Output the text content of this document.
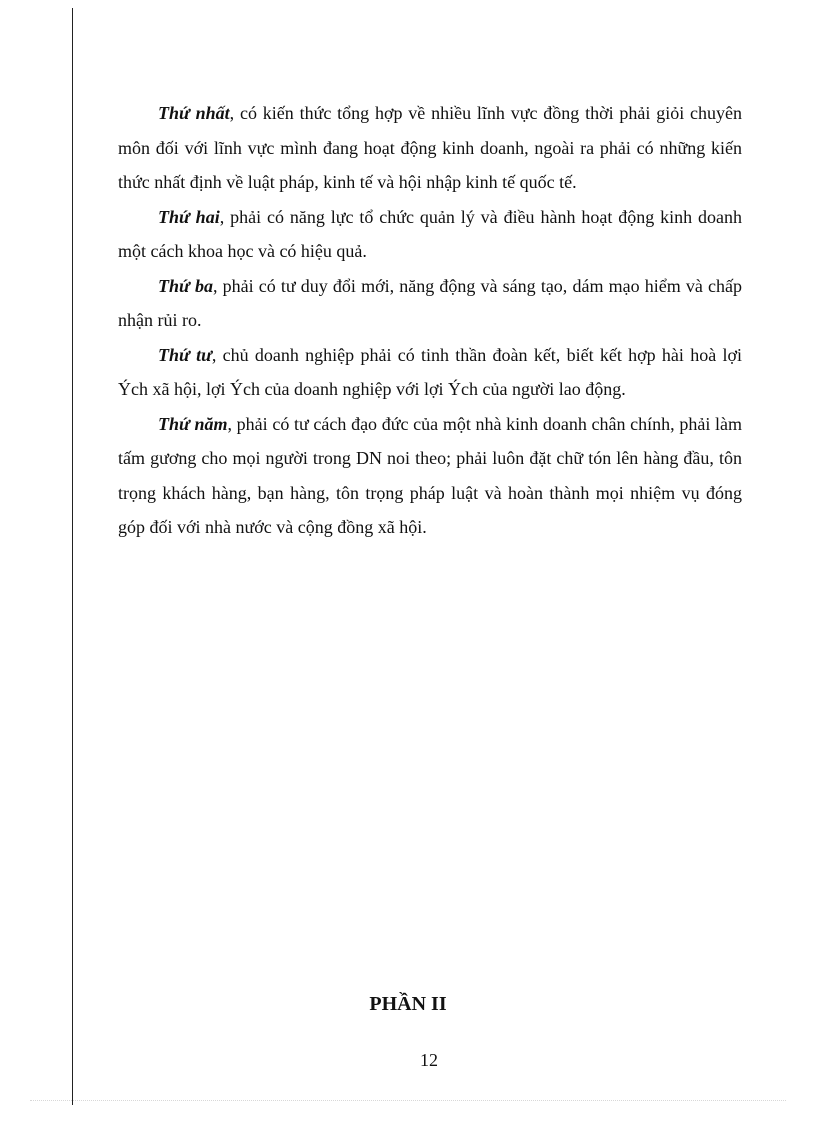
Thứ nhất, có kiến thức tổng hợp về nhiều lĩnh vực đồng thời phải giỏi chuyên môn đối với lĩnh vực mình đang hoạt động kinh doanh, ngoài ra phải có những kiến thức nhất định về luật pháp, kinh tế và hội nhập kinh tế quốc tế.

Thứ hai, phải có năng lực tổ chức quản lý và điều hành hoạt động kinh doanh một cách khoa học và có hiệu quả.

Thứ ba, phải có tư duy đổi mới, năng động và sáng tạo, dám mạo hiểm và chấp nhận rủi ro.

Thứ tư, chủ doanh nghiệp phải có tinh thần đoàn kết, biết kết hợp hài hoà lợi Ých xã hội, lợi Ých của doanh nghiệp với lợi Ých của người lao động.

Thứ năm, phải có tư cách đạo đức của một nhà kinh doanh chân chính, phải làm tấm gương cho mọi người trong DN noi theo; phải luôn đặt chữ tón lên hàng đầu, tôn trọng khách hàng, bạn hàng, tôn trọng pháp luật và hoàn thành mọi nhiệm vụ đóng góp đối với nhà nước và cộng đồng xã hội.

PHẦN II
12
